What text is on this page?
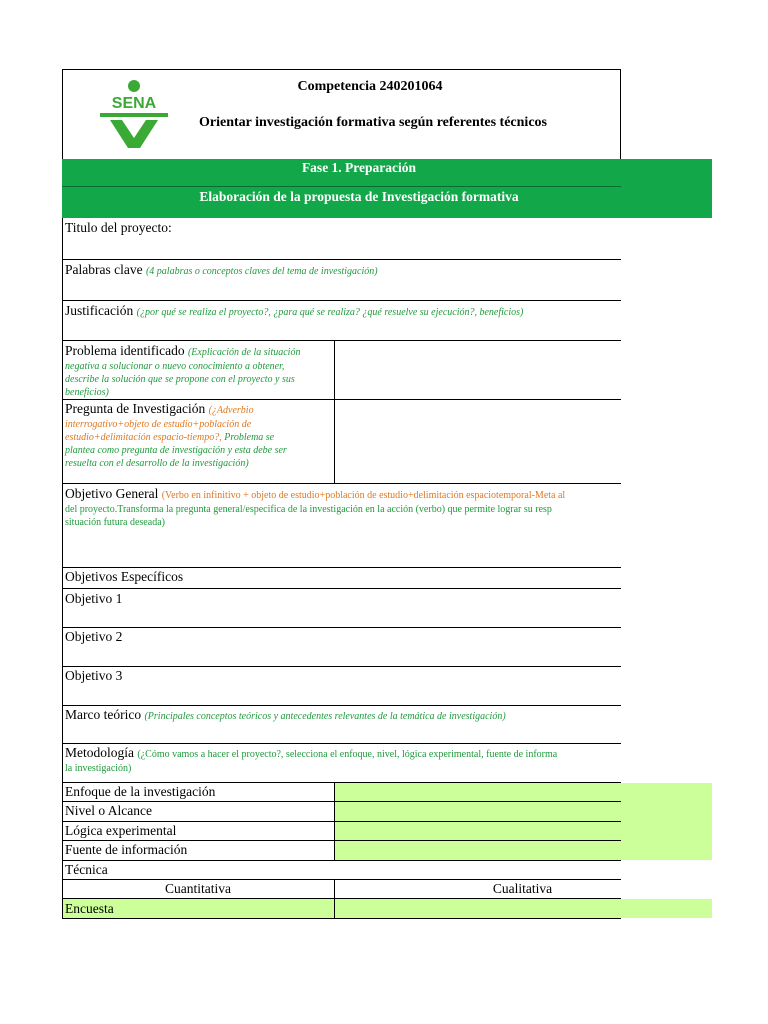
SENA
Competencia 240201064
Orientar investigación formativa según referentes técnicos
Fase 1. Preparación
Elaboración de la propuesta de Investigación formativa
Titulo del proyecto:
Palabras clave (4 palabras o conceptos claves del tema de investigación)
Justificación (¿por qué se realiza el proyecto?, ¿para qué se realiza? ¿qué resuelve su ejecución?, beneficios)
Problema identificado (Explicación de la situación
negativa a solucionar o nuevo conocimiento a obtener,
describe la solución que se propone con el proyecto y sus
beneficios)
Pregunta de Investigación (¿Adverbio
interrogativo+objeto de estudio+población de
estudio+delimitación espacio-tiempo?, Problema se
plantea como pregunta de investigación y esta debe ser
resuelta con el desarrollo de la investigación)
Objetivo General (Verbo en infinitivo + objeto de estudio+población de estudio+delimitación espaciotemporal-Meta al
del proyecto.Transforma la pregunta general/especifica de la investigación en la acción (verbo) que permite lograr su resp
situación futura deseada)
Objetivos Específicos
Objetivo 1
Objetivo 2
Objetivo 3
Marco teórico (Principales conceptos teóricos y antecedentes relevantes de la temática de investigación)
Metodología (¿Cómo vamos a hacer el proyecto?, selecciona el enfoque, nivel, lógica experimental, fuente de informa
la investigación)
Enfoque de la investigación
Nivel o Alcance
Lógica experimental
Fuente de información
Técnica
Cuantitativa	Cualitativa
Encuesta
